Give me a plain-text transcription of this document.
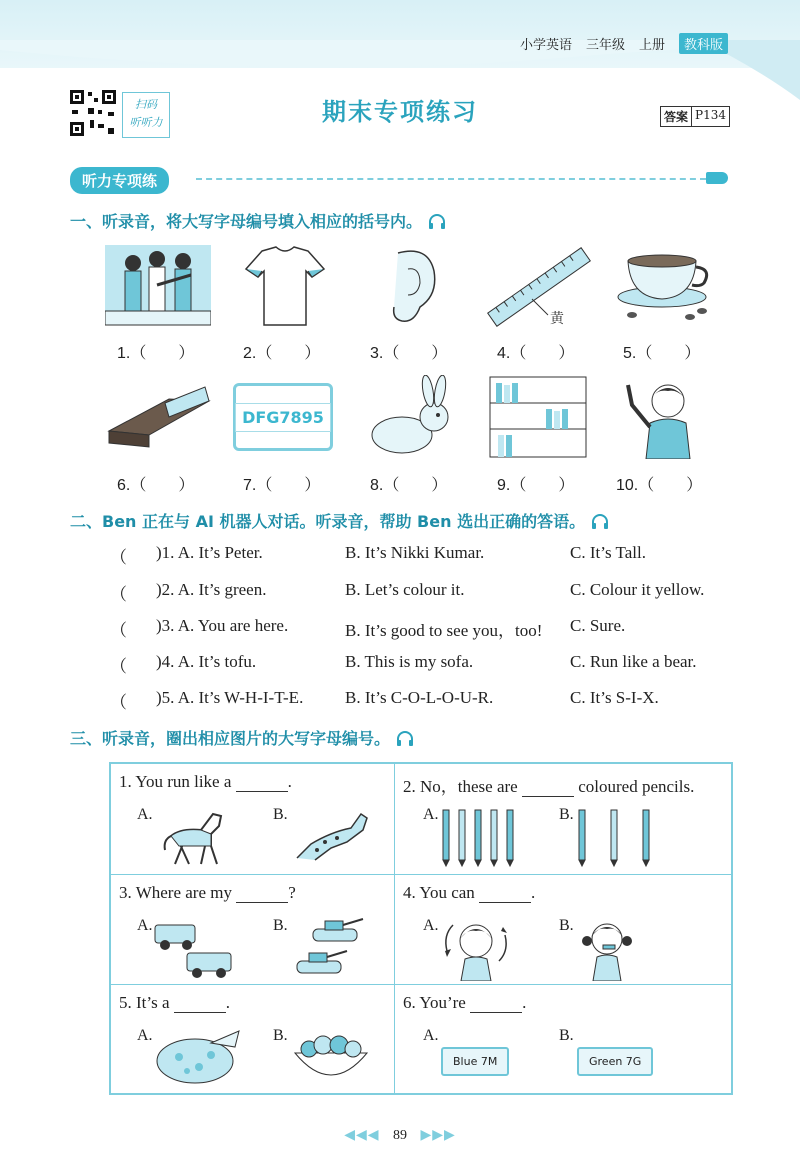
小学英语 三年级 上册	教科版
扫码
听听力	期末专项练习	答案 P134
听力专项练
一、听录音，将大写字母编号填入相应的括号内。
黄
1.（　　）	2.（　　）	3.（　　）	4.（　　）	5.（　　）
DFG7895
6.（　　）	7.（　　）	8.（　　）	9.（　　）	10.（　　）
二、Ben 正在与 AI 机器人对话。听录音，帮助 Ben 选出正确的答语。
（ )1. A. It’s Peter.	B. It’s Nikki Kumar.	C. It’s Tall.
（ )2. A. It’s green.	B. Let’s colour it.	C. Colour it yellow.
（ )3. A. You are here.	B. It’s good to see you，too! C. Sure.
（ )4. A. It’s tofu.	B. This is my sofa.	C. Run like a bear.
（ )5. A. It’s W-H-I-T-E. B. It’s C-O-L-O-U-R.	C. It’s S-I-X.
三、听录音，圈出相应图片的大写字母编号。
1. You run like a	.
A.	B.
2. No，these are	coloured pencils.
A.	B.
3. Where are my	?
A.	B.
4. You can	.
A.	B.
5. It’s a	.
A.	B.
6. You’re	.
A.
Blue 7M
B.
Green 7G
◀◀◀ 89 ▶▶▶
